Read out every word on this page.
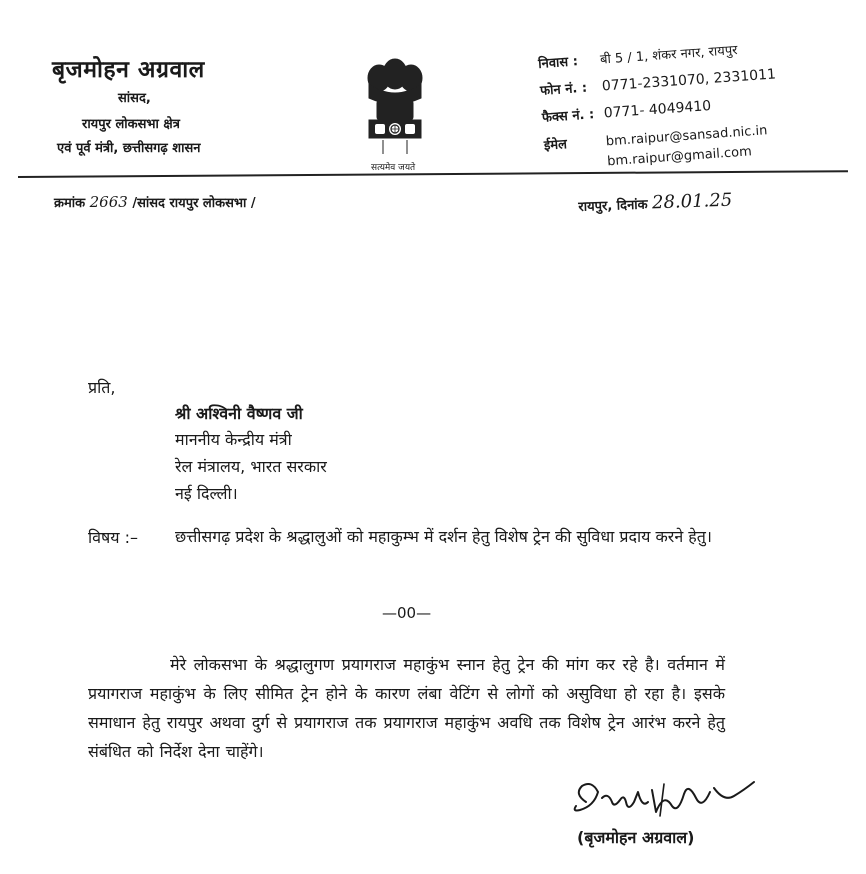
बृजमोहन अग्रवाल
सांसद,
रायपुर लोकसभा क्षेत्र
एवं पूर्व मंत्री, छत्तीसगढ़ शासन
सत्यमेव जयते
निवास : बी 5 / 1, शंकर नगर, रायपुर
फोन नं. : 0771-2331070, 2331011
फैक्स नं. : 0771- 4049410
ईमेल	bm.raipur@sansad.nic.in
bm.raipur@gmail.com
क्रमांक 2663 /सांसद रायपुर लोकसभा /	रायपुर, दिनांक 28.01.25
प्रति,
श्री अश्विनी वैष्णव जी
माननीय केन्द्रीय मंत्री
रेल मंत्रालय, भारत सरकार
नई दिल्ली।
विषय :– छत्तीसगढ़ प्रदेश के श्रद्धालुओं को महाकुम्भ में दर्शन हेतु विशेष ट्रेन की सुविधा प्रदाय करने हेतु।
—00—
मेरे लोकसभा के श्रद्धालुगण प्रयागराज महाकुंभ स्नान हेतु ट्रेन की मांग कर रहे है। वर्तमान में प्रयागराज महाकुंभ के लिए सीमित ट्रेन होने के कारण लंबा वेटिंग से लोगों को असुविधा हो रहा है। इसके समाधान हेतु रायपुर अथवा दुर्ग से प्रयागराज तक प्रयागराज महाकुंभ अवधि तक विशेष ट्रेन आरंभ करने हेतु संबंधित को निर्देश देना चाहेंगे।
(बृजमोहन अग्रवाल)
